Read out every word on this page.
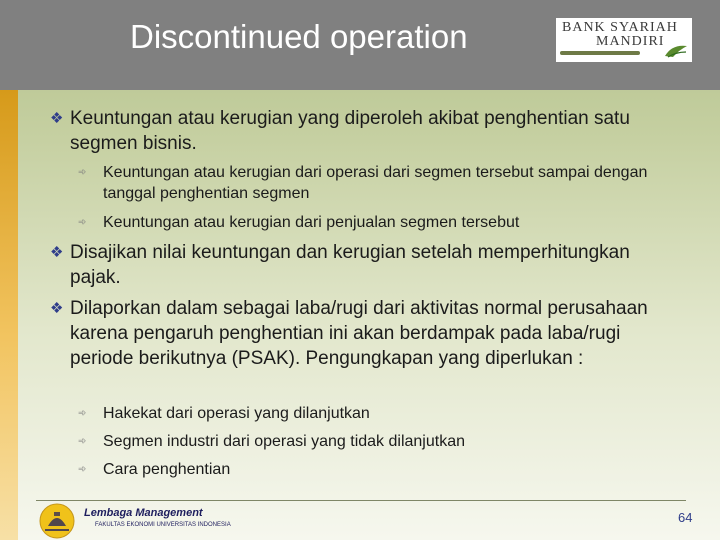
Discontinued operation	BANK SYARIAH
MANDIRI
❖ Keuntungan atau kerugian yang diperoleh akibat penghentian satu segmen bisnis.
➾	Keuntungan atau kerugian dari operasi dari segmen tersebut sampai dengan tanggal penghentian segmen
➾	Keuntungan atau kerugian dari penjualan segmen tersebut
❖ Disajikan nilai keuntungan dan kerugian setelah memperhitungkan pajak.
❖ Dilaporkan dalam sebagai laba/rugi dari aktivitas normal perusahaan karena pengaruh penghentian ini akan berdampak pada laba/rugi periode berikutnya (PSAK). Pengungkapan yang diperlukan :
➾	Hakekat dari operasi yang dilanjutkan
➾	Segmen industri dari operasi yang tidak dilanjutkan
➾	Cara penghentian
Lembaga Management
FAKULTAS EKONOMI UNIVERSITAS INDONESIA	64
